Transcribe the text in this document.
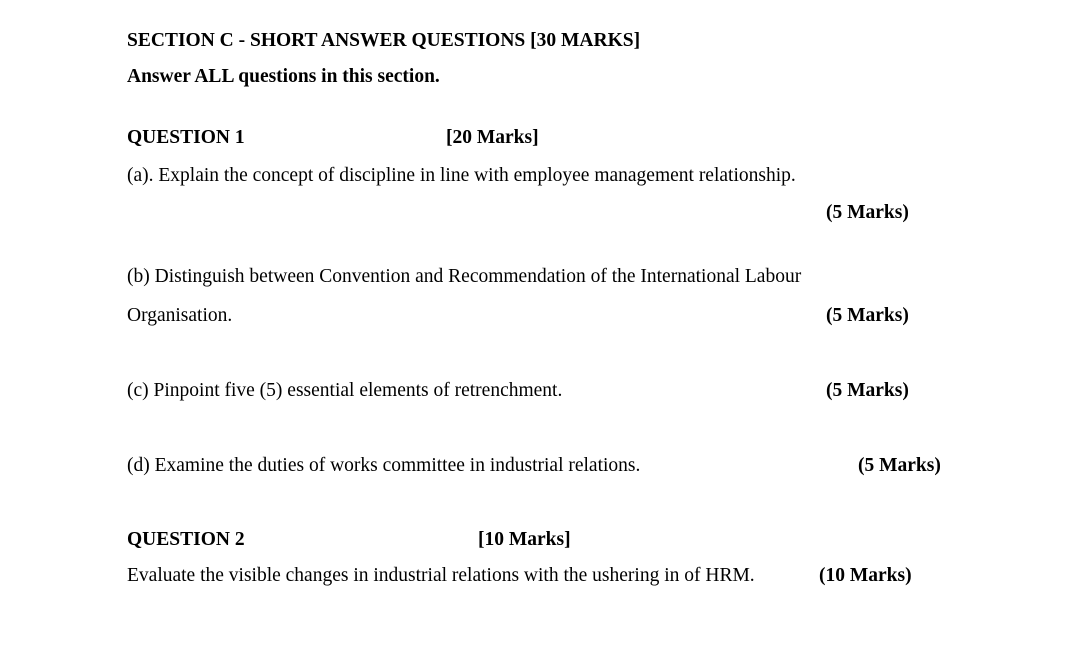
SECTION C - SHORT ANSWER QUESTIONS [30 MARKS]
Answer ALL questions in this section.
QUESTION 1	[20 Marks]
(a). Explain the concept of discipline in line with employee management relationship.
(5 Marks)
(b) Distinguish between Convention and Recommendation of the International Labour
Organisation.	(5 Marks)
(c) Pinpoint five (5) essential elements of retrenchment.	(5 Marks)
(d) Examine the duties of works committee in industrial relations.	(5 Marks)
QUESTION 2	[10 Marks]
Evaluate the visible changes in industrial relations with the ushering in of HRM.	(10 Marks)
